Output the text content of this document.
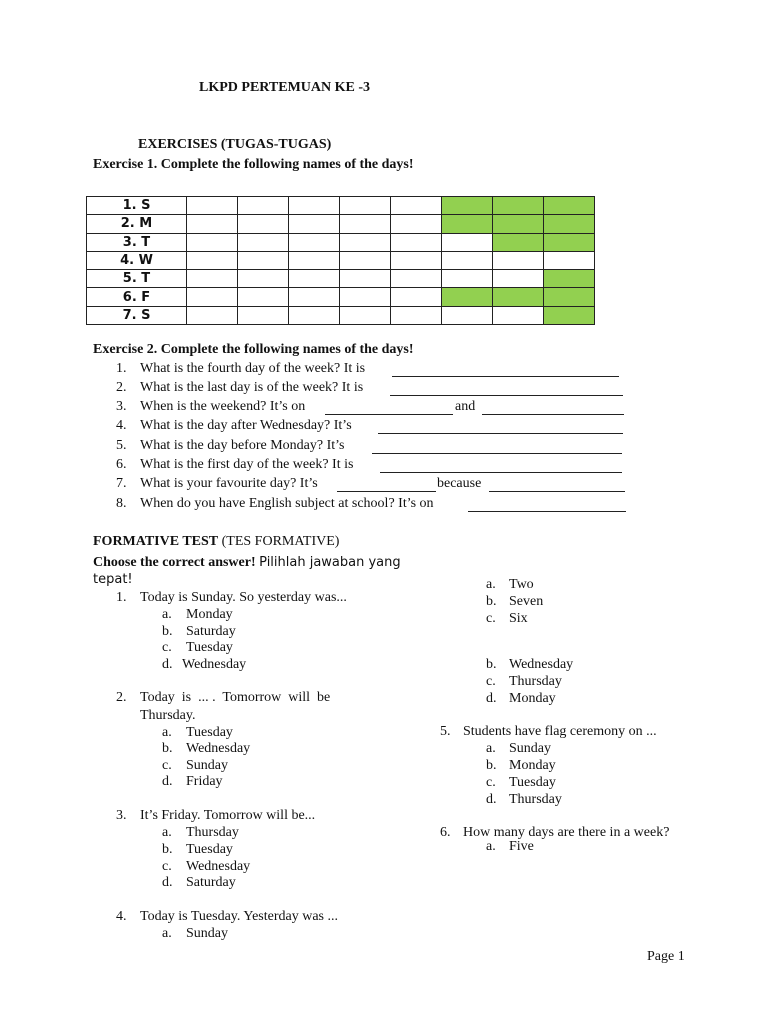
LKPD PERTEMUAN KE -3
EXERCISES (TUGAS-TUGAS)
Exercise 1. Complete the following names of the days!
1. S								
2. M								
3. T								
4. W								
5. T								
6. F								
7. S								
Exercise 2. Complete the following names of the days!
1. What is the fourth day of the week? It is
2. What is the last day is of the week? It is
3. When is the weekend? It’s on	and
4. What is the day after Wednesday? It’s
5. What is the day before Monday? It’s
6. What is the first day of the week? It is
7. What is your favourite day? It’s	because
8. When do you have English subject at school? It’s on
FORMATIVE TEST (TES FORMATIVE)
Choose the correct answer! Pilihlah jawaban yang
tepat!
1. Today is Sunday. So yesterday was...
a. Monday
b. Saturday
c. Tuesday
d. Wednesday
2. Today  is  ... .  Tomorrow  will  be
Thursday.
a. Tuesday
b. Wednesday
c. Sunday
d. Friday
3. It’s Friday. Tomorrow will be...
a. Thursday
b. Tuesday
c. Wednesday
d. Saturday
4. Today is Tuesday. Yesterday was ...
a. Sunday
a. Two
b. Seven
c. Six
b. Wednesday
c. Thursday
d. Monday
5. Students have flag ceremony on ...
a. Sunday
b. Monday
c. Tuesday
d. Thursday
6. How many days are there in a week?
a. Five
Page 1
